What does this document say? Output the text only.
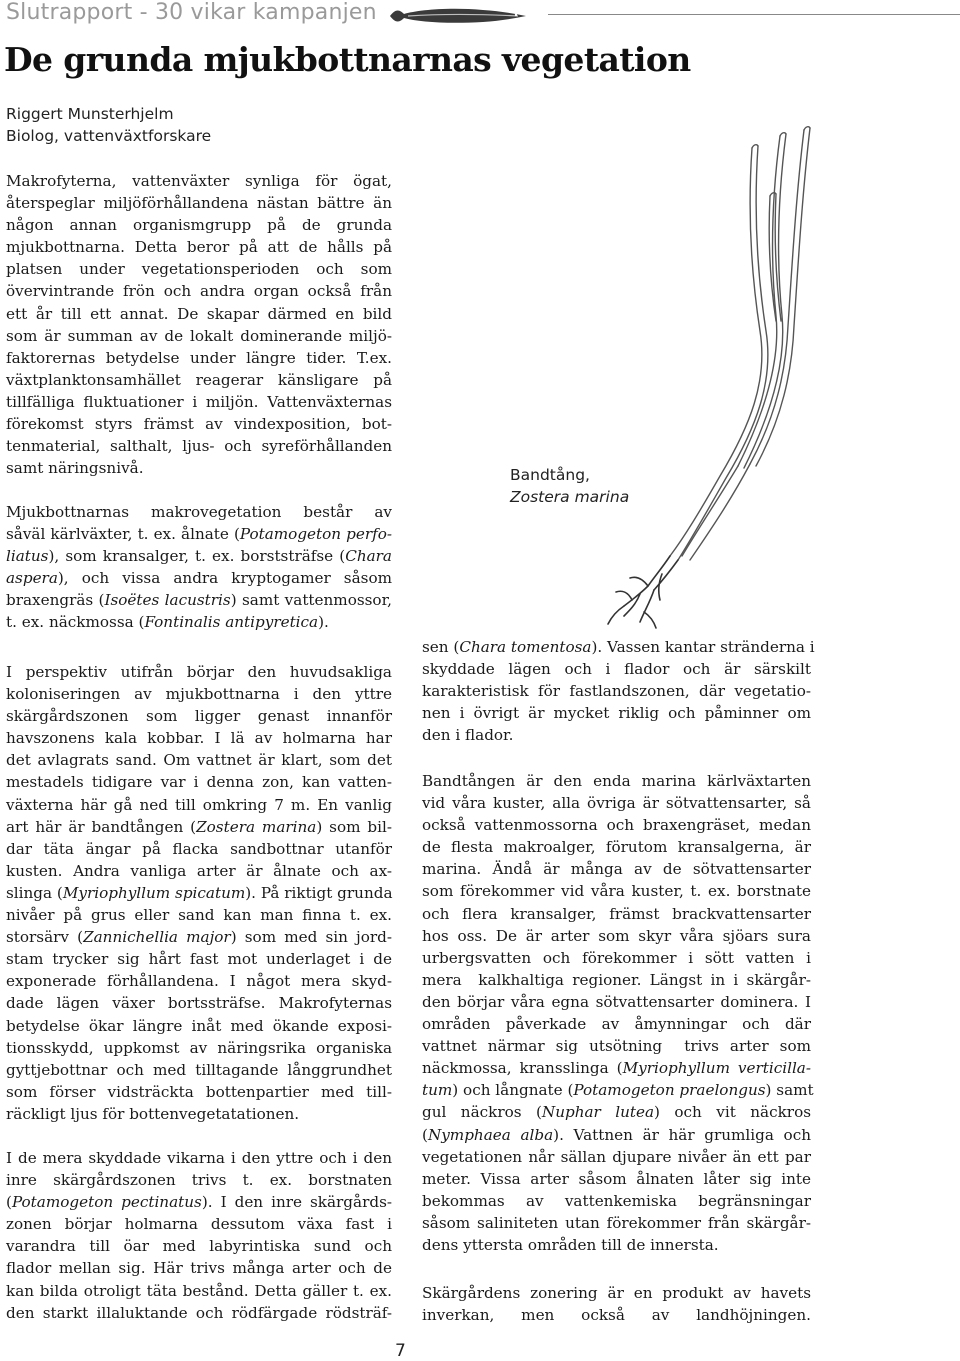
Slutrapport - 30 vikar kampanjen
De grunda mjukbottnarnas vegetation
Riggert Munsterhjelm
Biolog, vattenväxtforskare
Makrofyterna, vattenväxter synliga för ögat,
återspeglar miljöförhållandena nästan bättre än
någon annan organismgrupp på de grunda
mjukbottnarna. Detta beror på att de hålls på
platsen under vegetationsperioden och som
övervintrande frön och andra organ också från
ett år till ett annat. De skapar därmed en bild
som är summan av de lokalt dominerande miljö-
faktorernas betydelse under längre tider. T.ex.
växtplanktonsamhället reagerar känsligare på
tillfälliga fluktuationer i miljön. Vattenväxternas
förekomst styrs främst av vindexposition, bot-
tenmaterial, salthalt, ljus- och syreförhållanden
samt näringsnivå.
Mjukbottnarnas makrovegetation består av
såväl kärlväxter, t. ex. ålnate (Potamogeton perfo-
liatus), som kransalger, t. ex. borststräfse (Chara
aspera), och vissa andra kryptogamer såsom
braxengräs (Isoëtes lacustris) samt vattenmossor,
t. ex. näckmossa (Fontinalis antipyretica).
I perspektiv utifrån börjar den huvudsakliga
koloniseringen av mjukbottnarna i den yttre
skärgårdszonen som ligger genast innanför
havszonens kala kobbar. I lä av holmarna har
det avlagrats sand. Om vattnet är klart, som det
mestadels tidigare var i denna zon, kan vatten-
växterna här gå ned till omkring 7 m. En vanlig
art här är bandtången (Zostera marina) som bil-
dar täta ängar på flacka sandbottnar utanför
kusten. Andra vanliga arter är ålnate och ax-
slinga (Myriophyllum spicatum). På riktigt grunda
nivåer på grus eller sand kan man finna t. ex.
storsärv (Zannichellia major) som med sin jord-
stam trycker sig hårt fast mot underlaget i de
exponerade förhållandena. I något mera skyd-
dade lägen växer bortssträfse. Makrofyternas
betydelse ökar längre inåt med ökande exposi-
tionsskydd, uppkomst av näringsrika organiska
gyttjebottnar och med tilltagande långgrundhet
som förser vidsträckta bottenpartier med till-
räckligt ljus för bottenvegetatationen.
I de mera skyddade vikarna i den yttre och i den
inre skärgårdszonen trivs t. ex. borstnaten
(Potamogeton pectinatus). I den inre skärgårds-
zonen börjar holmarna dessutom växa fast i
varandra till öar med labyrintiska sund och
flador mellan sig. Här trivs många arter och de
kan bilda otroligt täta bestånd. Detta gäller t. ex.
den starkt illaluktande och rödfärgade rödsträf-
sen (Chara tomentosa). Vassen kantar stränderna i
skyddade lägen och i flador och är särskilt
karakteristisk för fastlandszonen, där vegetatio-
nen i övrigt är mycket riklig och påminner om
den i flador.
Bandtången är den enda marina kärlväxtarten
vid våra kuster, alla övriga är sötvattensarter, så
också vattenmossorna och braxengräset, medan
de flesta makroalger, förutom kransalgerna, är
marina. Ändå är många av de sötvattensarter
som förekommer vid våra kuster, t. ex. borstnate
och flera kransalger, främst brackvattensarter
hos oss. De är arter som skyr våra sjöars sura
urbergsvatten och förekommer i sött vatten i
mera  kalkhaltiga regioner. Längst in i skärgår-
den börjar våra egna sötvattensarter dominera. I
områden påverkade av åmynningar och där
vattnet närmar sig utsötning  trivs arter som
näckmossa, kransslinga (Myriophyllum verticilla-
tum) och långnate (Potamogeton praelongus) samt
gul näckros (Nuphar lutea) och vit näckros
(Nymphaea alba). Vattnen är här grumliga och
vegetationen når sällan djupare nivåer än ett par
meter. Vissa arter såsom ålnaten låter sig inte
bekommas av vattenkemiska begränsningar
såsom saliniteten utan förekommer från skärgår-
dens yttersta områden till de innersta.
Skärgårdens zonering är en produkt av havets
inverkan, men också av landhöjningen.
Bandtång,
Zostera marina
7
